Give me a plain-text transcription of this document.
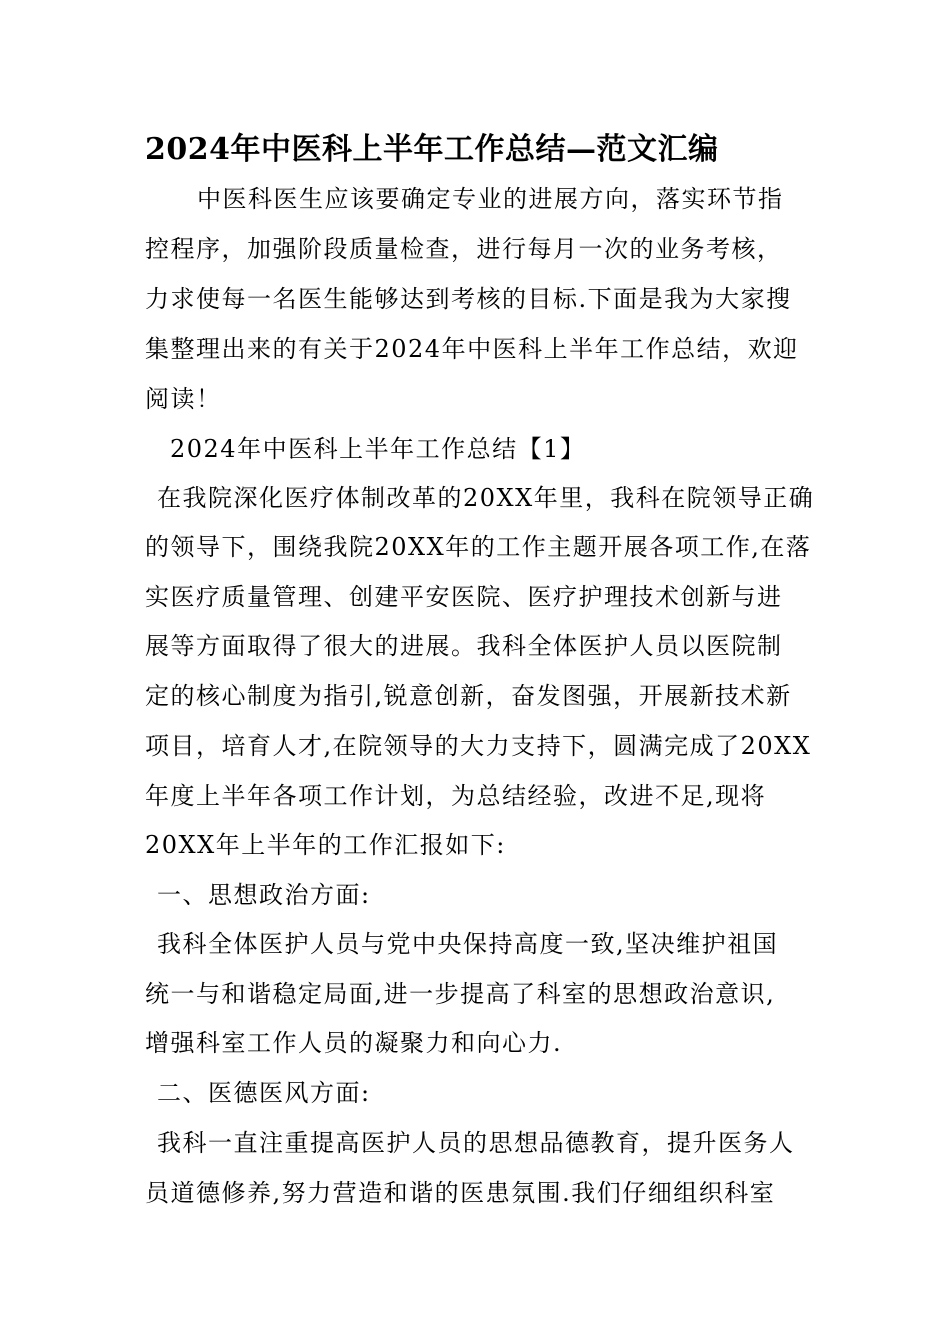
2024年中医科上半年工作总结—范文汇编
中医科医生应该要确定专业的进展方向，落实环节指
控程序，加强阶段质量检查，进行每月一次的业务考核，
力求使每一名医生能够达到考核的目标.下面是我为大家搜
集整理出来的有关于2024年中医科上半年工作总结，欢迎
阅读！
2024年中医科上半年工作总结【1】
在我院深化医疗体制改革的20XX年里，我科在院领导正确
的领导下，围绕我院20XX年的工作主题开展各项工作,在落
实医疗质量管理、创建平安医院、医疗护理技术创新与进
展等方面取得了很大的进展。我科全体医护人员以医院制
定的核心制度为指引,锐意创新，奋发图强，开展新技术新
项目，培育人才,在院领导的大力支持下，圆满完成了20XX
年度上半年各项工作计划，为总结经验，改进不足,现将
20XX年上半年的工作汇报如下:
一、思想政治方面:
我科全体医护人员与党中央保持高度一致,坚决维护祖国
统一与和谐稳定局面,进一步提高了科室的思想政治意识,
增强科室工作人员的凝聚力和向心力.
二、医德医风方面:
我科一直注重提高医护人员的思想品德教育，提升医务人
员道德修养,努力营造和谐的医患氛围.我们仔细组织科室
